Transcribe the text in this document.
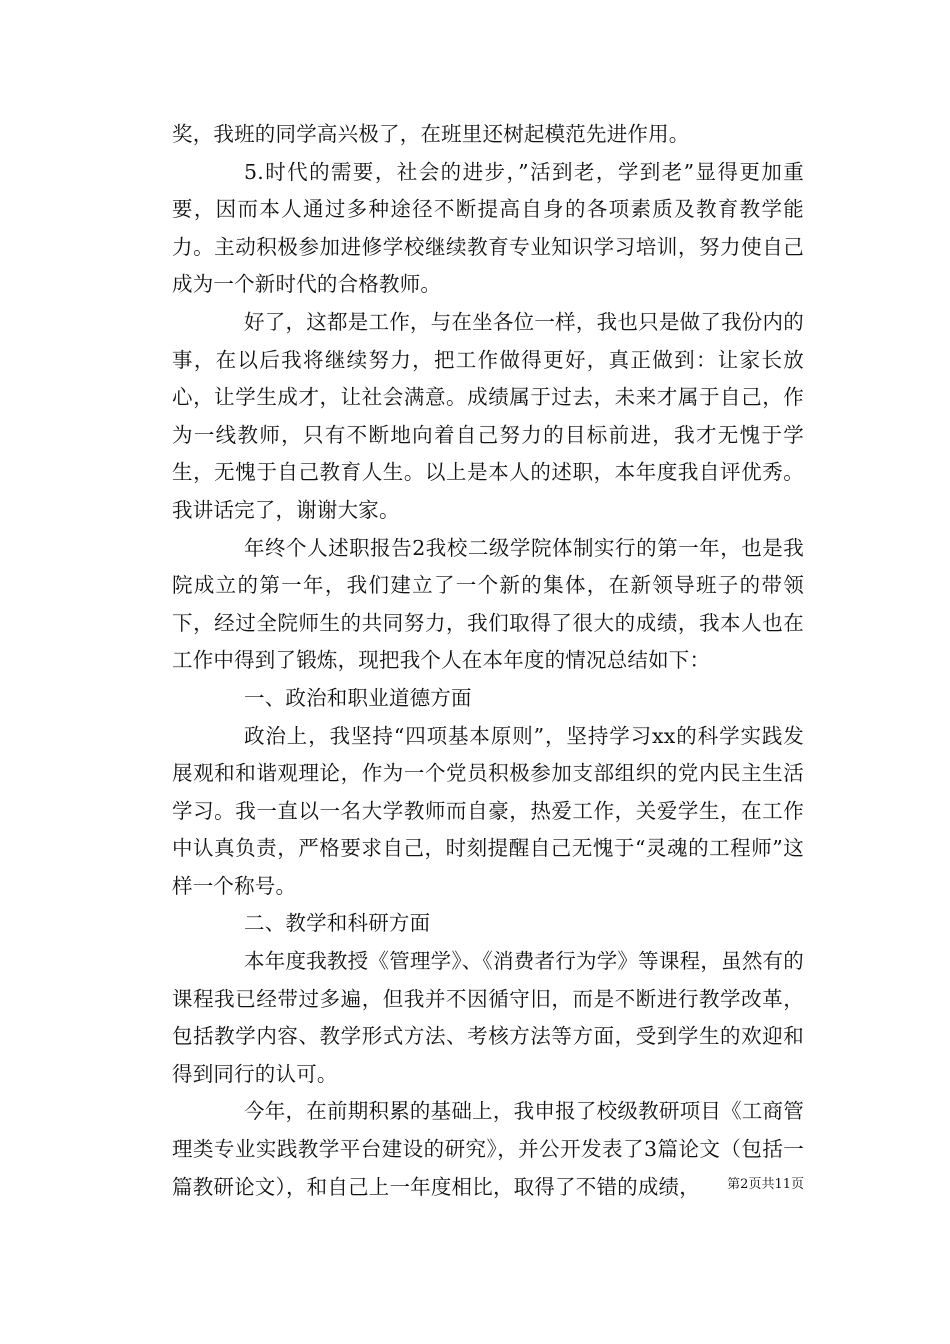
奖，我班的同学高兴极了，在班里还树起模范先进作用。

5.时代的需要，社会的进步，”活到老，学到老”显得更加重要，因而本人通过多种途径不断提高自身的各项素质及教育教学能力。主动积极参加进修学校继续教育专业知识学习培训，努力使自己成为一个新时代的合格教师。

好了，这都是工作，与在坐各位一样，我也只是做了我份内的事，在以后我将继续努力，把工作做得更好，真正做到：让家长放心，让学生成才，让社会满意。成绩属于过去，未来才属于自己，作为一线教师，只有不断地向着自己努力的目标前进，我才无愧于学生，无愧于自己教育人生。以上是本人的述职，本年度我自评优秀。我讲话完了，谢谢大家。

年终个人述职报告2我校二级学院体制实行的第一年，也是我院成立的第一年，我们建立了一个新的集体，在新领导班子的带领下，经过全院师生的共同努力，我们取得了很大的成绩，我本人也在工作中得到了锻炼，现把我个人在本年度的情况总结如下：

一、政治和职业道德方面

政治上，我坚持“四项基本原则”，坚持学习xx的科学实践发展观和和谐观理论，作为一个党员积极参加支部组织的党内民主生活学习。我一直以一名大学教师而自豪，热爱工作，关爱学生，在工作中认真负责，严格要求自己，时刻提醒自己无愧于“灵魂的工程师”这样一个称号。

二、教学和科研方面

本年度我教授《管理学》、《消费者行为学》等课程，虽然有的课程我已经带过多遍，但我并不因循守旧，而是不断进行教学改革，包括教学内容、教学形式方法、考核方法等方面，受到学生的欢迎和得到同行的认可。

今年，在前期积累的基础上，我申报了校级教研项目《工商管理类专业实践教学平台建设的研究》，并公开发表了3篇论文（包括一篇教研论文），和自己上一年度相比，取得了不错的成绩，	第2页共11页
